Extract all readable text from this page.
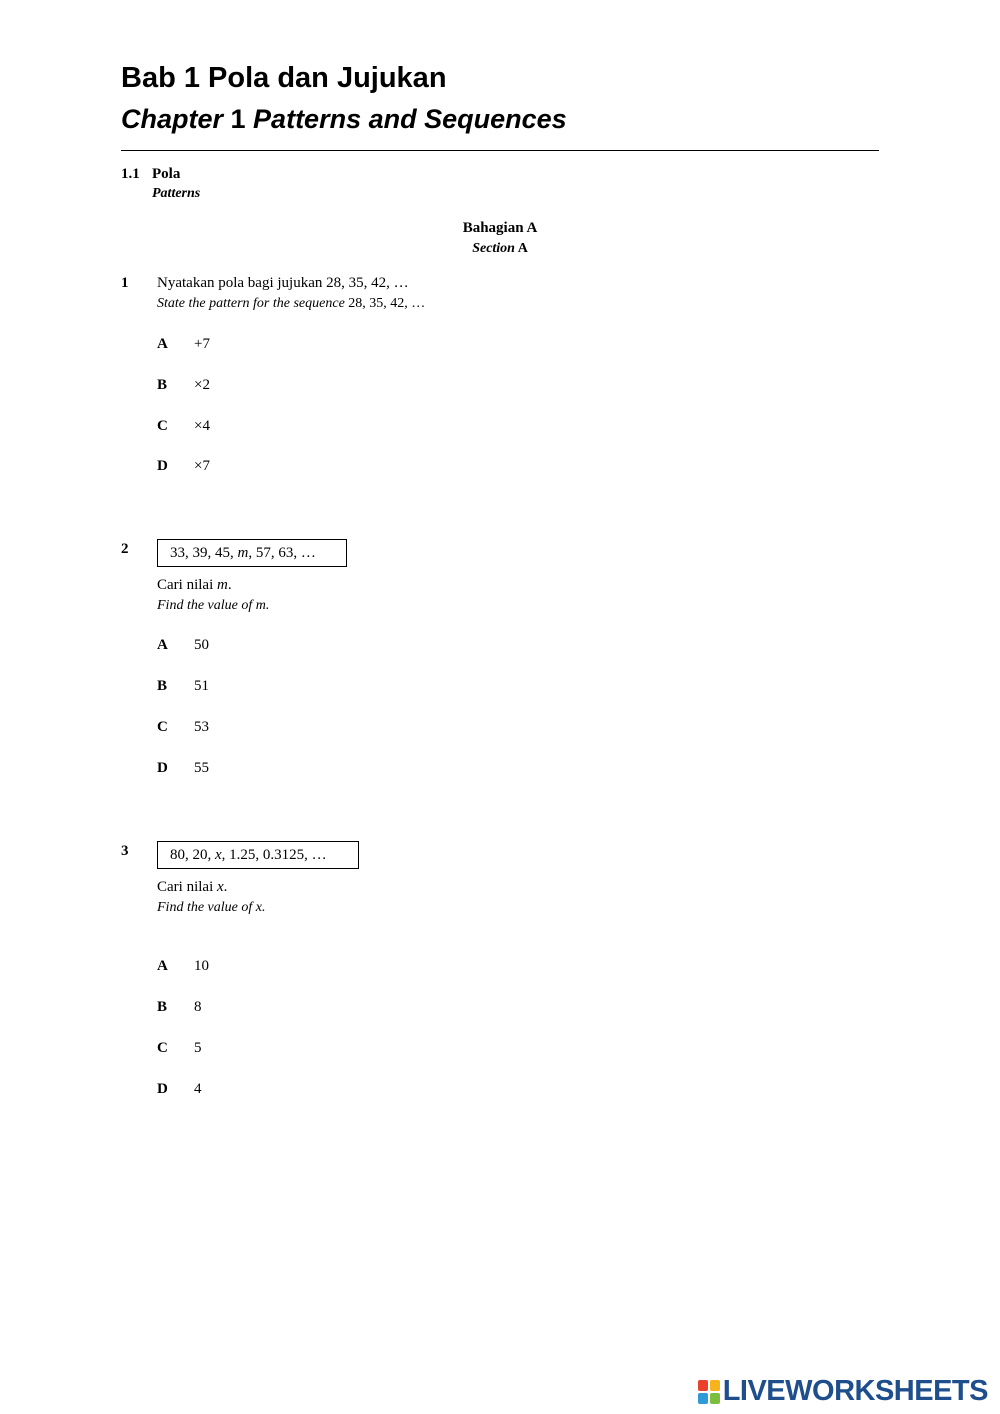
Bab 1 Pola dan Jujukan
Chapter 1 Patterns and Sequences
1.1 Pola
Patterns
Bahagian A
Section A
1 Nyatakan pola bagi jujukan 28, 35, 42, …
State the pattern for the sequence 28, 35, 42, …
A +7
B ×2
C ×4
D ×7
2	33, 39, 45, m, 57, 63, …
Cari nilai m.
Find the value of m.
A 50
B 51
C 53
D 55
3	80, 20, x, 1.25, 0.3125, …
Cari nilai x.
Find the value of x.
A 10
B 8
C 5
D 4
LIVEWORKSHEETS
